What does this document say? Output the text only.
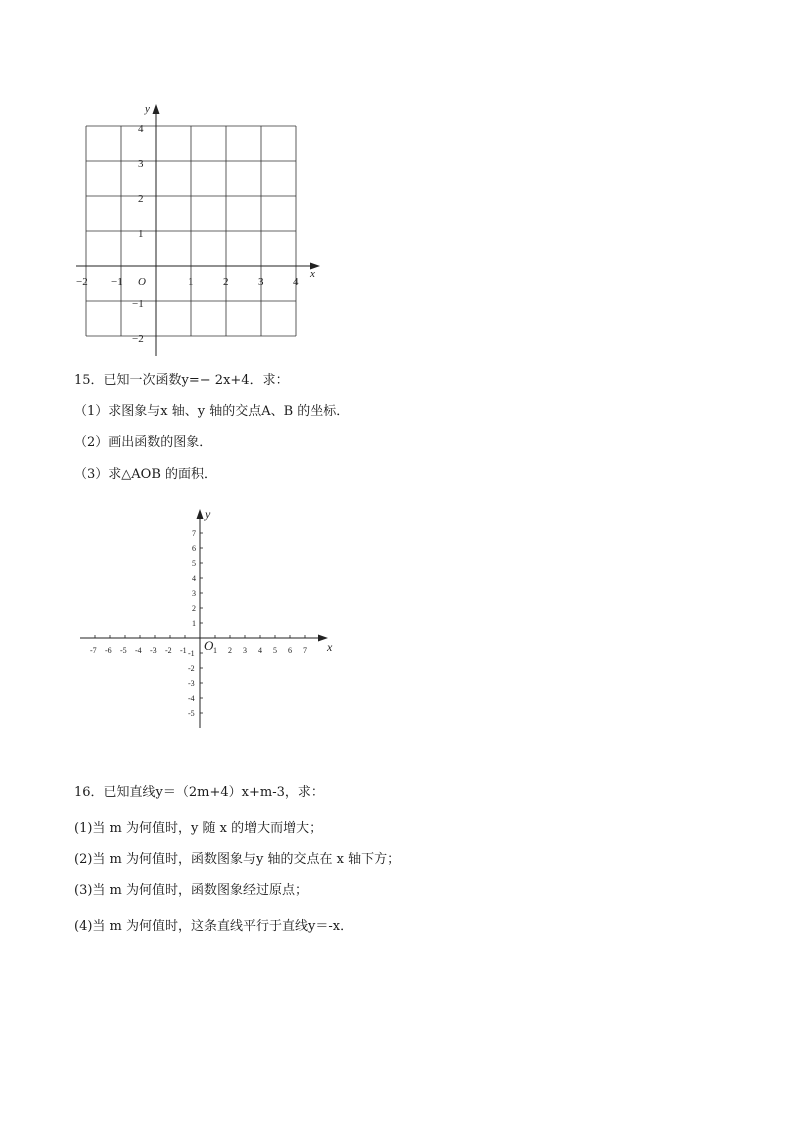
x
y
O
−2 −1	1	2	3	4
4
3
2
1
−1
−2
15．已知一次函数y=− 2x+4．求：
（1）求图象与x 轴、y 轴的交点A、B 的坐标．
（2）画出函数的图象．
（3）求△AOB 的面积．
x
y
O
-7 -6 -5 -4 -3 -2 -1	1 2 3 4 5 6 7
7
6
5
4
3
2
1
-1
-2
-3
-4
-5
16．已知直线y＝（2m+4）x+m-3，求：
(1)当 m 为何值时，y 随 x 的增大而增大；
(2)当 m 为何值时，函数图象与y 轴的交点在 x 轴下方；
(3)当 m 为何值时，函数图象经过原点；
(4)当 m 为何值时，这条直线平行于直线y＝-x．
